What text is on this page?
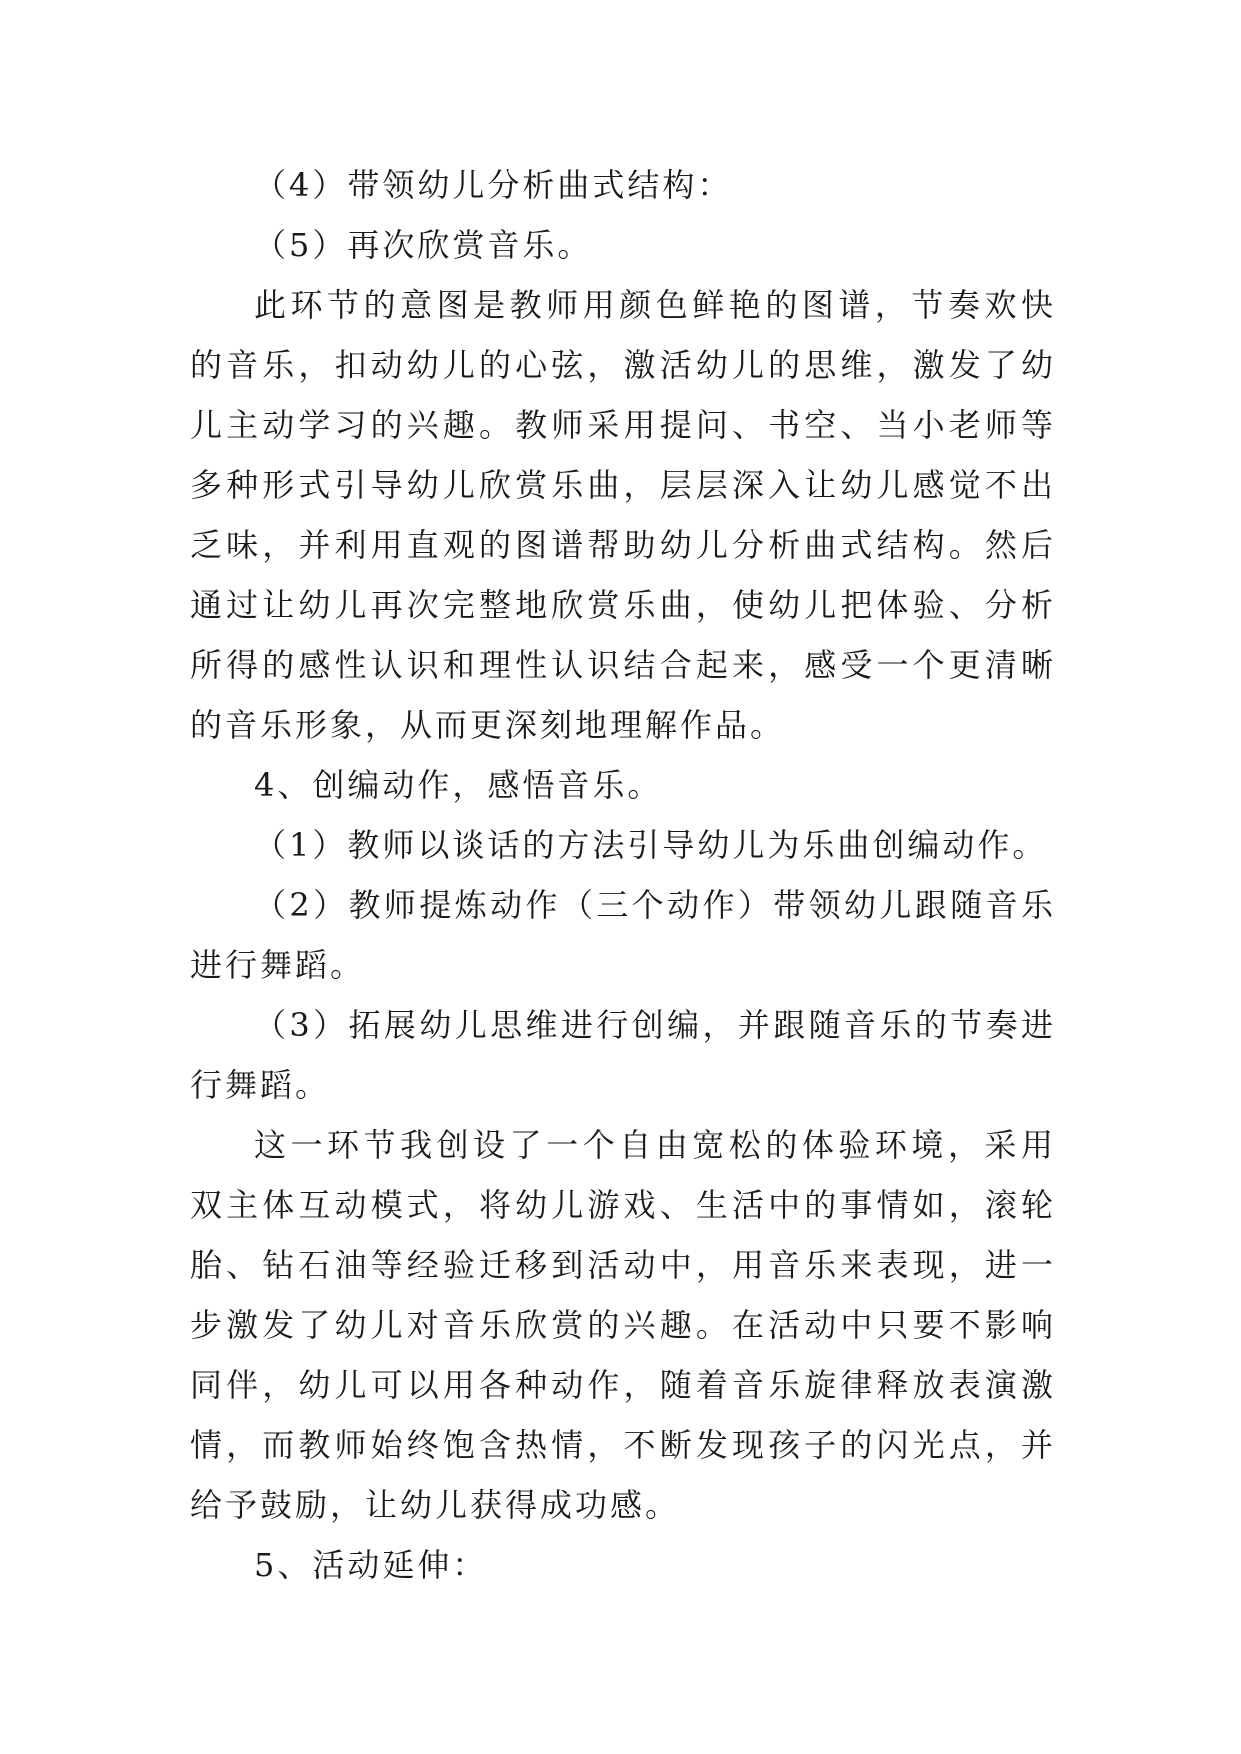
（4）带领幼儿分析曲式结构：

（5）再次欣赏音乐。

此环节的意图是教师用颜色鲜艳的图谱，节奏欢快的音乐，扣动幼儿的心弦，激活幼儿的思维，激发了幼儿主动学习的兴趣。教师采用提问、书空、当小老师等多种形式引导幼儿欣赏乐曲，层层深入让幼儿感觉不出乏味，并利用直观的图谱帮助幼儿分析曲式结构。然后通过让幼儿再次完整地欣赏乐曲，使幼儿把体验、分析所得的感性认识和理性认识结合起来，感受一个更清晰的音乐形象，从而更深刻地理解作品。

4、创编动作，感悟音乐。

（1）教师以谈话的方法引导幼儿为乐曲创编动作。

（2）教师提炼动作（三个动作）带领幼儿跟随音乐进行舞蹈。

（3）拓展幼儿思维进行创编，并跟随音乐的节奏进行舞蹈。

这一环节我创设了一个自由宽松的体验环境，采用双主体互动模式，将幼儿游戏、生活中的事情如，滚轮胎、钻石油等经验迁移到活动中，用音乐来表现，进一步激发了幼儿对音乐欣赏的兴趣。在活动中只要不影响同伴，幼儿可以用各种动作，随着音乐旋律释放表演激情，而教师始终饱含热情，不断发现孩子的闪光点，并给予鼓励，让幼儿获得成功感。

5、活动延伸：
